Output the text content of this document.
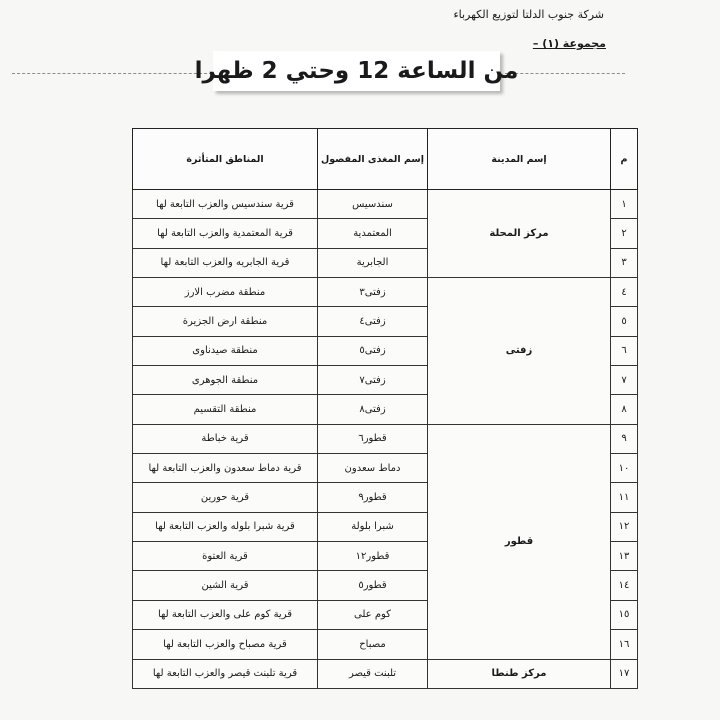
شركة جنوب الدلتا لتوزيع الكهرباء
مجموعة (١) –
من الساعة 12 وحتي 2 ظهرا
م	إسم المدينة	إسم المغذى المفصول	المناطق المتأثرة
١	مركز المحلة	سندسيس	قرية سندسيس والعزب التابعة لها
٢		المعتمدية	قرية المعتمدية والعزب التابعة لها
٣		الجابرية	قرية الجابريه والعزب التابعة لها
٤	زفتى	زفتى٣	منطقة مضرب الارز
٥		زفتى٤	منطقة ارض الجزيرة
٦		زفتى٥	منطقة صيدناوى
٧		زفتى٧	منطقة الجوهرى
٨		زفتى٨	منطقة التقسيم
٩	قطور	قطور٦	قرية خباطة
١٠		دماط سعدون	قرية دماط سعدون والعزب التابعة لها
١١		قطور٩	قرية حورين
١٢		شبرا بلولة	قرية شبرا بلوله والعزب التابعة لها
١٣		قطور١٢	قرية العتوة
١٤		قطور٥	قرية الشين
١٥		كوم على	قرية كوم على والعزب التابعة لها
١٦		مصباح	قرية مصباح والعزب التابعة لها
١٧	مركز طنطا	تلبنت قيصر	قرية تلبنت قيصر والعزب التابعة لها
